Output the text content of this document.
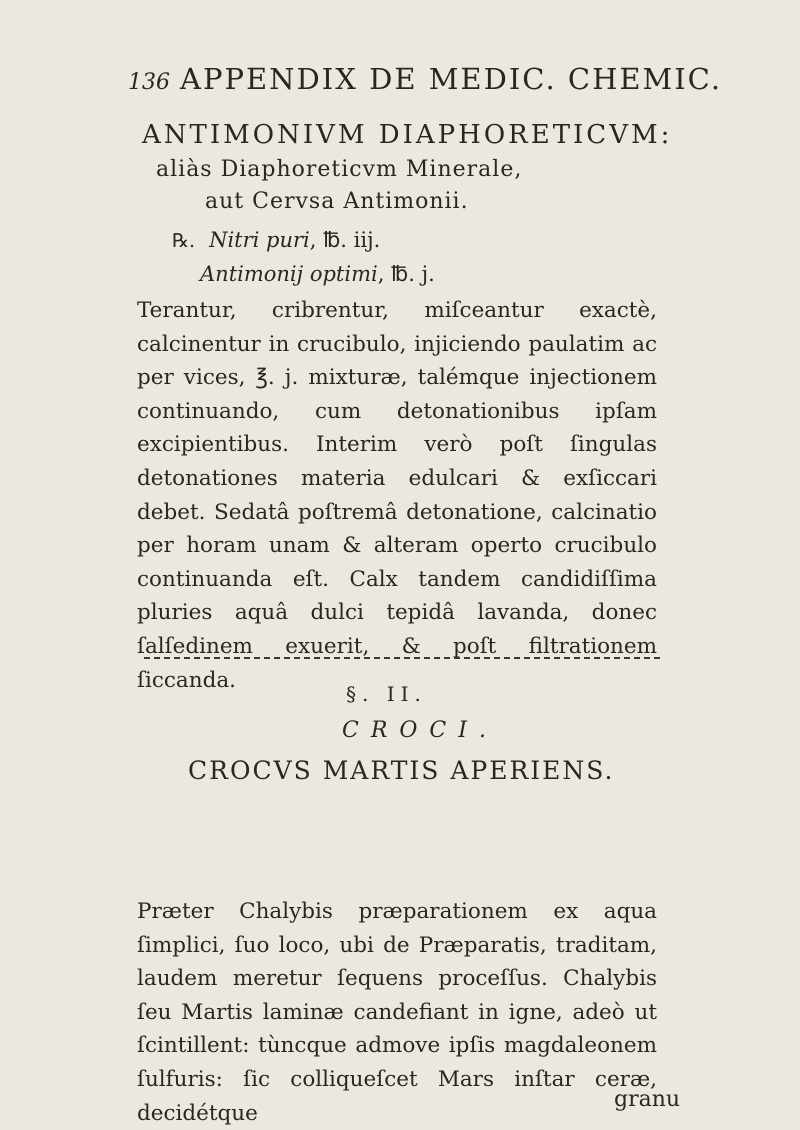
136 APPENDIX DE MEDIC. CHEMIC.
ANTIMONIVM DIAPHORETICVM:
aliàs Diaphoreticvm Minerale,
aut Cervsa Antimonii.
℞. Nitri puri, ℔. iij.
Antimonij optimi, ℔. j.
Terantur, cribrentur, miſceantur exactè, calcinentur in crucibulo, injiciendo paulatim ac per vices, ℥. j. mixturæ, talémque injectionem continuando, cum detonationibus ipſam excipientibus. Interim verò poſt ſingulas detonationes materia edulcari & exſiccari debet. Sedatâ poſtremâ detonatione, calcinatio per horam unam & alteram operto crucibulo continuanda eſt. Calx tandem candidiſſima pluries aquâ dulci tepidâ lavanda, donec ſalſedinem exuerit, & poſt filtrationem ſiccanda.
§. II.
CROCI.
CROCVS MARTIS APERIENS.
Præter Chalybis præparationem ex aqua ſimplici, ſuo loco, ubi de Præparatis, traditam, laudem meretur ſequens proceſſus. Chalybis ſeu Martis laminæ candefiant in igne, adeò ut ſcintillent: tùncque admove ipſis magdaleonem ſulfuris: ſic colliqueſcet Mars inſtar ceræ, decidétque
granu
